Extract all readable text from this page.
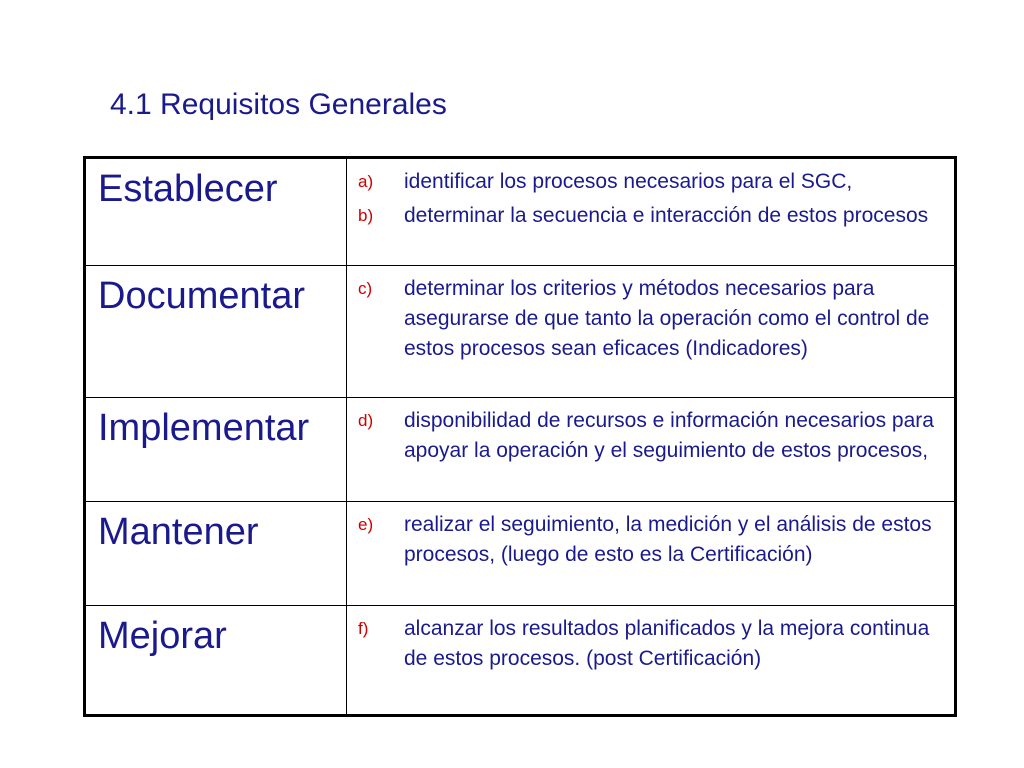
4.1 Requisitos Generales
Establecer	a) identificar los procesos necesarios para el SGC,
b) determinar la secuencia e interacción de estos procesos

Documentar	c) determinar los criterios y métodos necesarios para asegurarse de que tanto la operación como el control de estos procesos sean eficaces (Indicadores)

Implementar	d) disponibilidad de recursos e información necesarios para apoyar la operación y el seguimiento de estos procesos,

Mantener	e) realizar el seguimiento, la medición y el análisis de estos procesos, (luego de esto es la Certificación)

Mejorar	f) alcanzar los resultados planificados y la mejora continua de estos procesos. (post Certificación)
